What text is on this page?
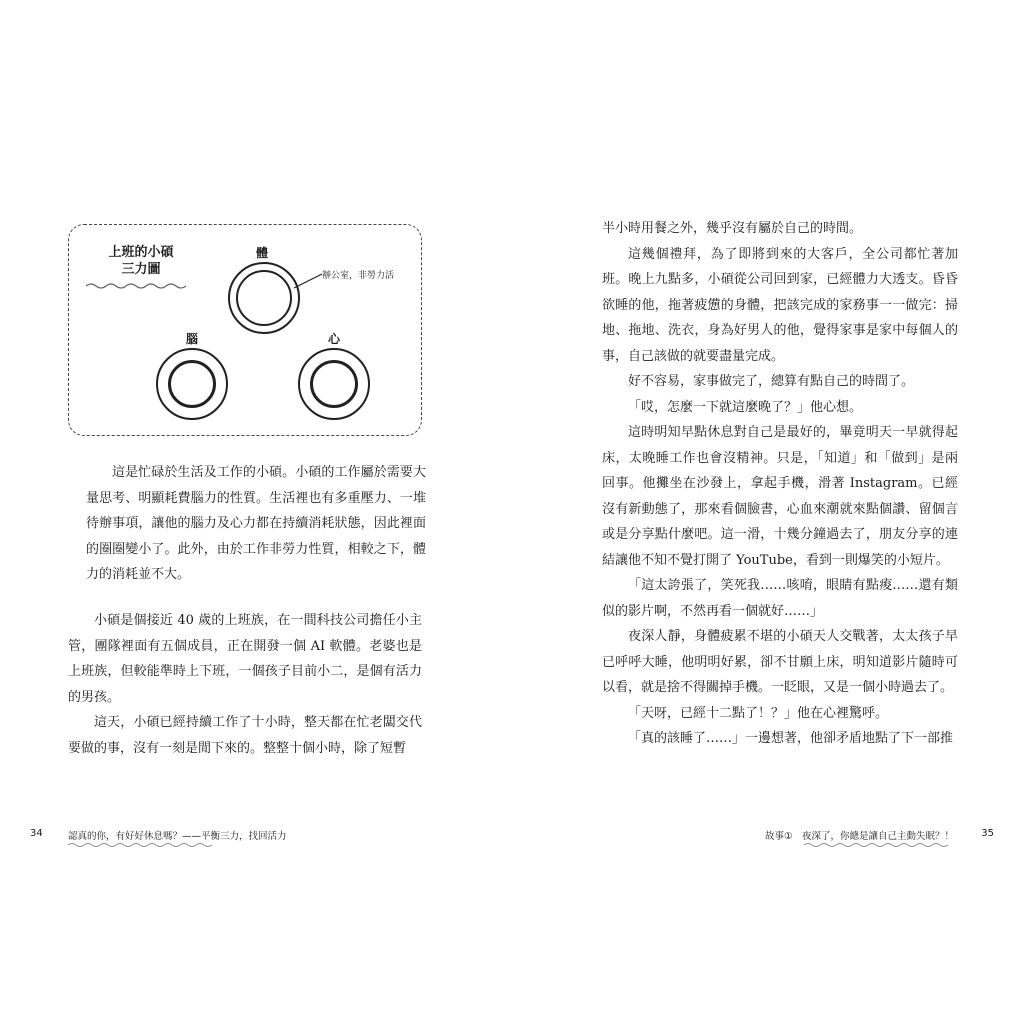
上班的小碩
三力圖
體
辦公室，非勞力活
腦	心

這是忙碌於生活及工作的小碩。小碩的工作屬於需要大量思考、明顯耗費腦力的性質。生活裡也有多重壓力、一堆待辦事項，讓他的腦力及心力都在持續消耗狀態，因此裡面的圈圈變小了。此外，由於工作非勞力性質，相較之下，體力的消耗並不大。

小碩是個接近 40 歲的上班族，在一間科技公司擔任小主管，團隊裡面有五個成員，正在開發一個 AI 軟體。老婆也是上班族，但較能準時上下班，一個孩子目前小二，是個有活力的男孩。

這天，小碩已經持續工作了十小時，整天都在忙老闆交代要做的事，沒有一刻是閒下來的。整整十個小時，除了短暫

34	認真的你，有好好休息嗎？——平衡三力，找回活力

半小時用餐之外，幾乎沒有屬於自己的時間。

這幾個禮拜，為了即將到來的大客戶，全公司都忙著加班。晚上九點多，小碩從公司回到家，已經體力大透支。昏昏欲睡的他，拖著疲憊的身體，把該完成的家務事一一做完：掃地、拖地、洗衣，身為好男人的他，覺得家事是家中每個人的事，自己該做的就要盡量完成。

好不容易，家事做完了，總算有點自己的時間了。

「哎，怎麼一下就這麼晚了？」他心想。

這時明知早點休息對自己是最好的，畢竟明天一早就得起床，太晚睡工作也會沒精神。只是，「知道」和「做到」是兩回事。他攤坐在沙發上，拿起手機，滑著 Instagram。已經沒有新動態了，那來看個臉書，心血來潮就來點個讚、留個言或是分享點什麼吧。這一滑，十幾分鐘過去了，朋友分享的連結讓他不知不覺打開了 YouTube，看到一則爆笑的小短片。

「這太誇張了，笑死我……咳唷，眼睛有點痠……還有類似的影片啊，不然再看一個就好……」

夜深人靜，身體疲累不堪的小碩天人交戰著，太太孩子早已呼呼大睡，他明明好累，卻不甘願上床，明知道影片隨時可以看，就是捨不得關掉手機。一眨眼，又是一個小時過去了。

「天呀，已經十二點了！？」他在心裡驚呼。

「真的該睡了……」一邊想著，他卻矛盾地點了下一部推

故事①　夜深了，你總是讓自己主動失眠？！	35
